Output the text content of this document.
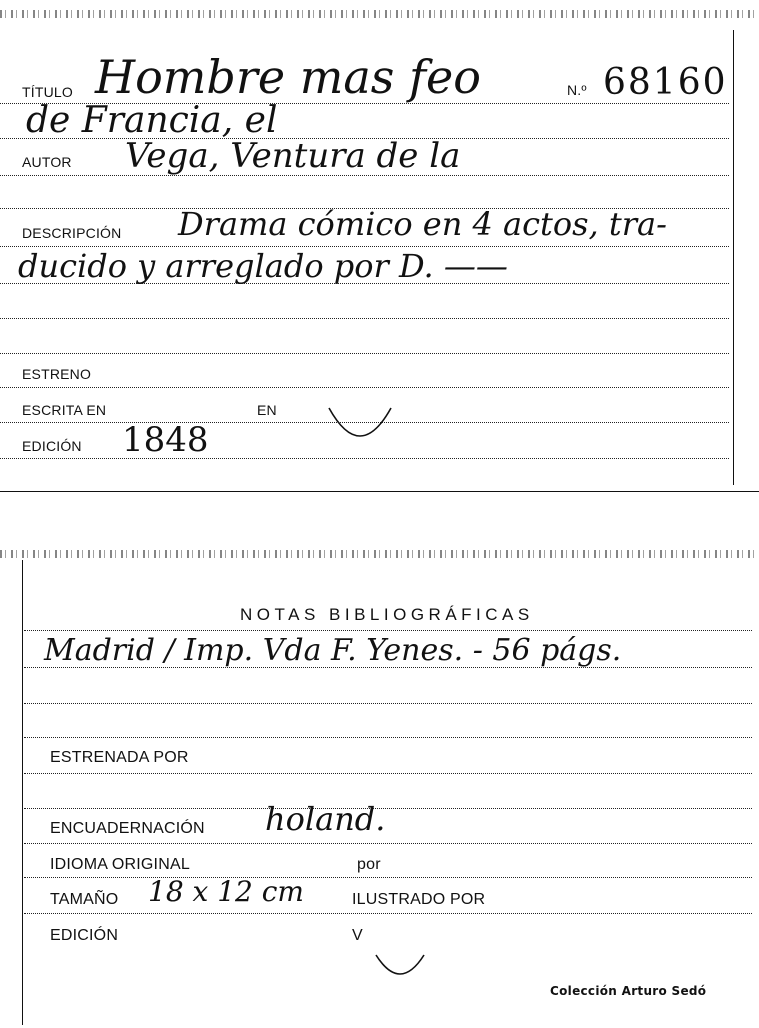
TÍTULO Hombre mas feo	N.º 68160
de Francia, el
AUTOR Vega, Ventura de la
DESCRIPCIÓN Drama cómico en 4 actos, tra-
ducido y arreglado por D. ——
ESTRENO
ESCRITA EN	EN
EDICIÓN 1848
NOTAS BIBLIOGRÁFICAS
Madrid / Imp. Vda F. Yenes. - 56 págs.
ESTRENADA POR
ENCUADERNACIÓN holand.
IDIOMA ORIGINAL	por
TAMAÑO 18 x 12 cm	ILUSTRADO POR
EDICIÓN	V
Colección Arturo Sedó
